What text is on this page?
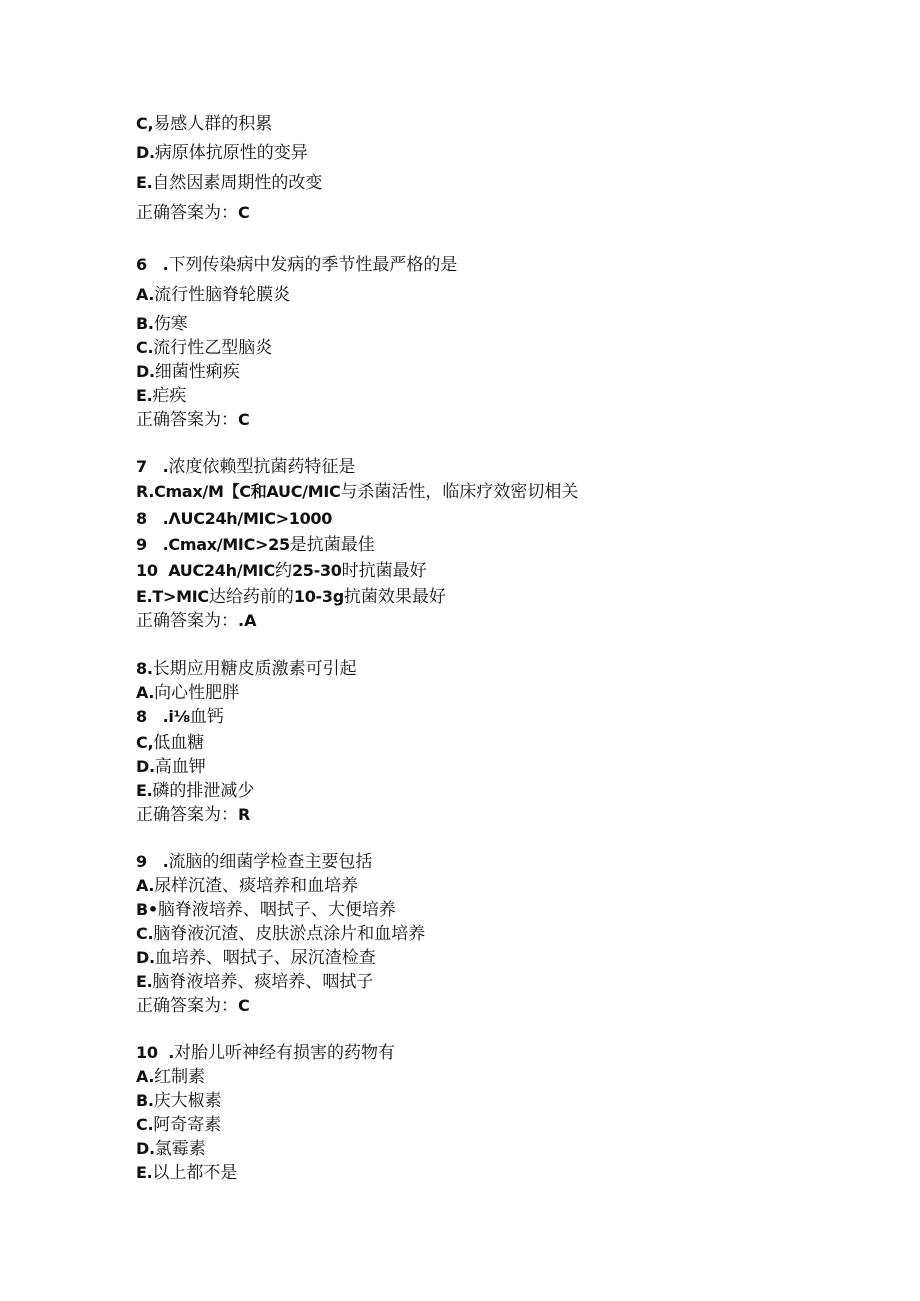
C,易感人群的积累
D.病原体抗原性的变异
E.自然因素周期性的改变
正确答案为：C
6   .下列传染病中发病的季节性最严格的是
A.流行性脑脊轮膜炎
B.伤寒
C.流行性乙型脑炎
D.细菌性痢疾
E.疟疾
正确答案为：C
7   .浓度依赖型抗菌药特征是
R.Cmax/M【C和AUC/MIC与杀菌活性，临床疗效密切相关
8   .ΛUC24h/MIC>1000
9   .Cmax/MIC>25是抗菌最佳
10  AUC24h/MIC约25-30时抗菌最好
E.T>MIC达给药前的10-3g抗菌效果最好
正确答案为：.A
8.长期应用糖皮质激素可引起
A.向心性肥胖
8   .i⅛血钙
C,低血糖
D.高血钾
E.磷的排泄减少
正确答案为：R
9   .流脑的细菌学检查主要包括
A.尿样沉渣、痰培养和血培养
B•脑脊液培养、咽拭子、大便培养
C.脑脊液沉渣、皮肤淤点涂片和血培养
D.血培养、咽拭子、尿沉渣检查
E.脑脊液培养、痰培养、咽拭子
正确答案为：C
10  .对胎儿听神经有损害的药物有
A.红制素
B.庆大椒素
C.阿奇寄素
D.氯霉素
E.以上都不是
